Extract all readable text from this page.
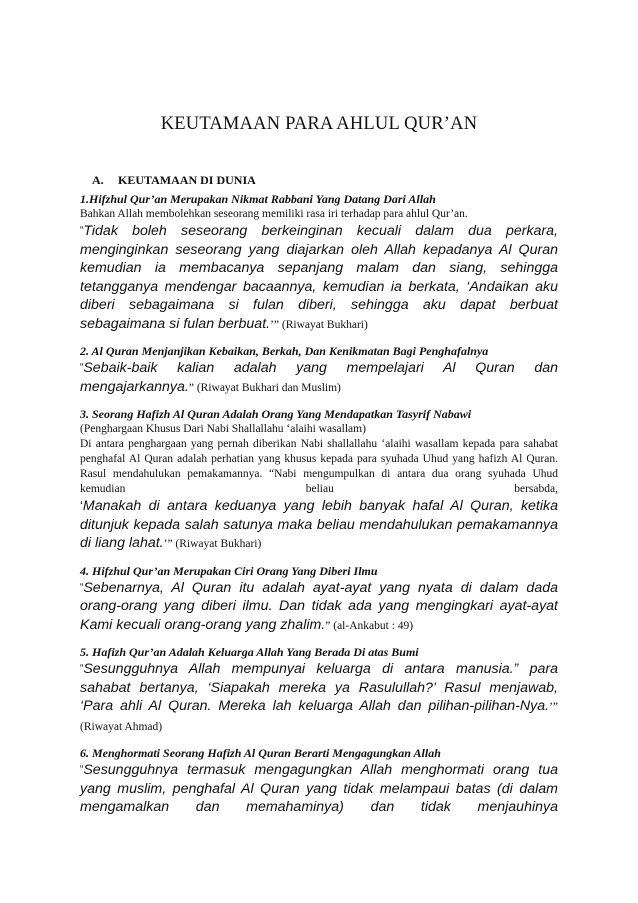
KEUTAMAAN PARA AHLUL QUR’AN
A. KEUTAMAAN DI DUNIA

1.Hifzhul Qur’an Merupakan Nikmat Rabbani Yang Datang Dari Allah

Bahkan Allah membolehkan seseorang memiliki rasa iri terhadap para ahlul Qur’an.

“Tidak boleh seseorang berkeinginan kecuali dalam dua perkara, menginginkan seseorang yang diajarkan oleh Allah kepadanya Al Quran kemudian ia membacanya sepanjang malam dan siang, sehingga tetangganya mendengar bacaannya, kemudian ia berkata, ‘Andaikan aku diberi sebagaimana si fulan diberi, sehingga aku dapat berbuat sebagaimana si fulan berbuat.’” (Riwayat Bukhari)

2. Al Quran Menjanjikan Kebaikan, Berkah, Dan Kenikmatan Bagi Penghafalnya

“Sebaik-baik kalian adalah yang mempelajari Al Quran dan mengajarkannya.” (Riwayat Bukhari dan Muslim)

3. Seorang Hafizh Al Quran Adalah Orang Yang Mendapatkan Tasyrif Nabawi

(Penghargaan Khusus Dari Nabi Shallallahu ‘alaihi wasallam)

Di antara penghargaan yang pernah diberikan Nabi shallallahu ‘alaihi wasallam kepada para sahabat penghafal Al Quran adalah perhatian yang khusus kepada para syuhada Uhud yang hafizh Al Quran. Rasul mendahulukan pemakamannya. “Nabi mengumpulkan di antara dua orang syuhada Uhud kemudian beliau bersabda,

‘Manakah di antara keduanya yang lebih banyak hafal Al Quran, ketika ditunjuk kepada salah satunya maka beliau mendahulukan pemakamannya di liang lahat.’” (Riwayat Bukhari)

4. Hifzhul Qur’an Merupakan Ciri Orang Yang Diberi Ilmu

“Sebenarnya, Al Quran itu adalah ayat-ayat yang nyata di dalam dada orang-orang yang diberi ilmu. Dan tidak ada yang mengingkari ayat-ayat Kami kecuali orang-orang yang zhalim.” (al-Ankabut : 49)

5. Hafizh Qur’an Adalah Keluarga Allah Yang Berada Di atas Bumi

“Sesungguhnya Allah mempunyai keluarga di antara manusia.” para sahabat bertanya, ‘Siapakah mereka ya Rasulullah?’ Rasul menjawab, ‘Para ahli Al Quran. Mereka lah keluarga Allah dan pilihan-pilihan-Nya.’” (Riwayat Ahmad)

6. Menghormati Seorang Hafizh Al Quran Berarti Mengagungkan Allah

“Sesungguhnya termasuk mengagungkan Allah menghormati orang tua yang muslim, penghafal Al Quran yang tidak melampaui batas (di dalam mengamalkan dan memahaminya) dan tidak menjauhinya
